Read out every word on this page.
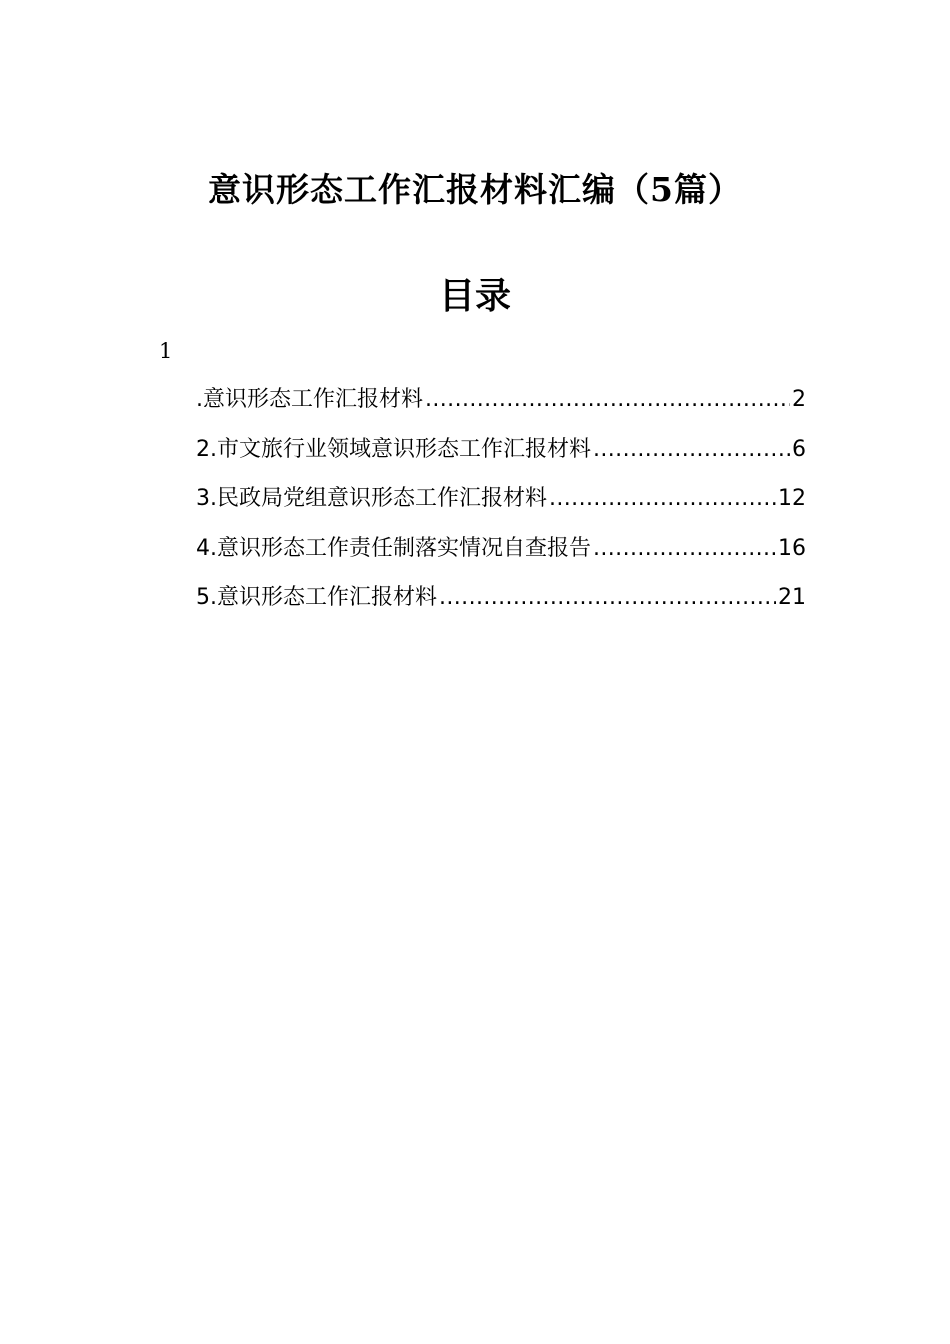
意识形态工作汇报材料汇编（5篇）
目录
1
.意识形态工作汇报材料 .....	2
2.市文旅行业领域意识形态工作汇报材料 .....	6
3.民政局党组意识形态工作汇报材料 .....	12
4.意识形态工作责任制落实情况自查报告 .....	16
5.意识形态工作汇报材料 .....	21
